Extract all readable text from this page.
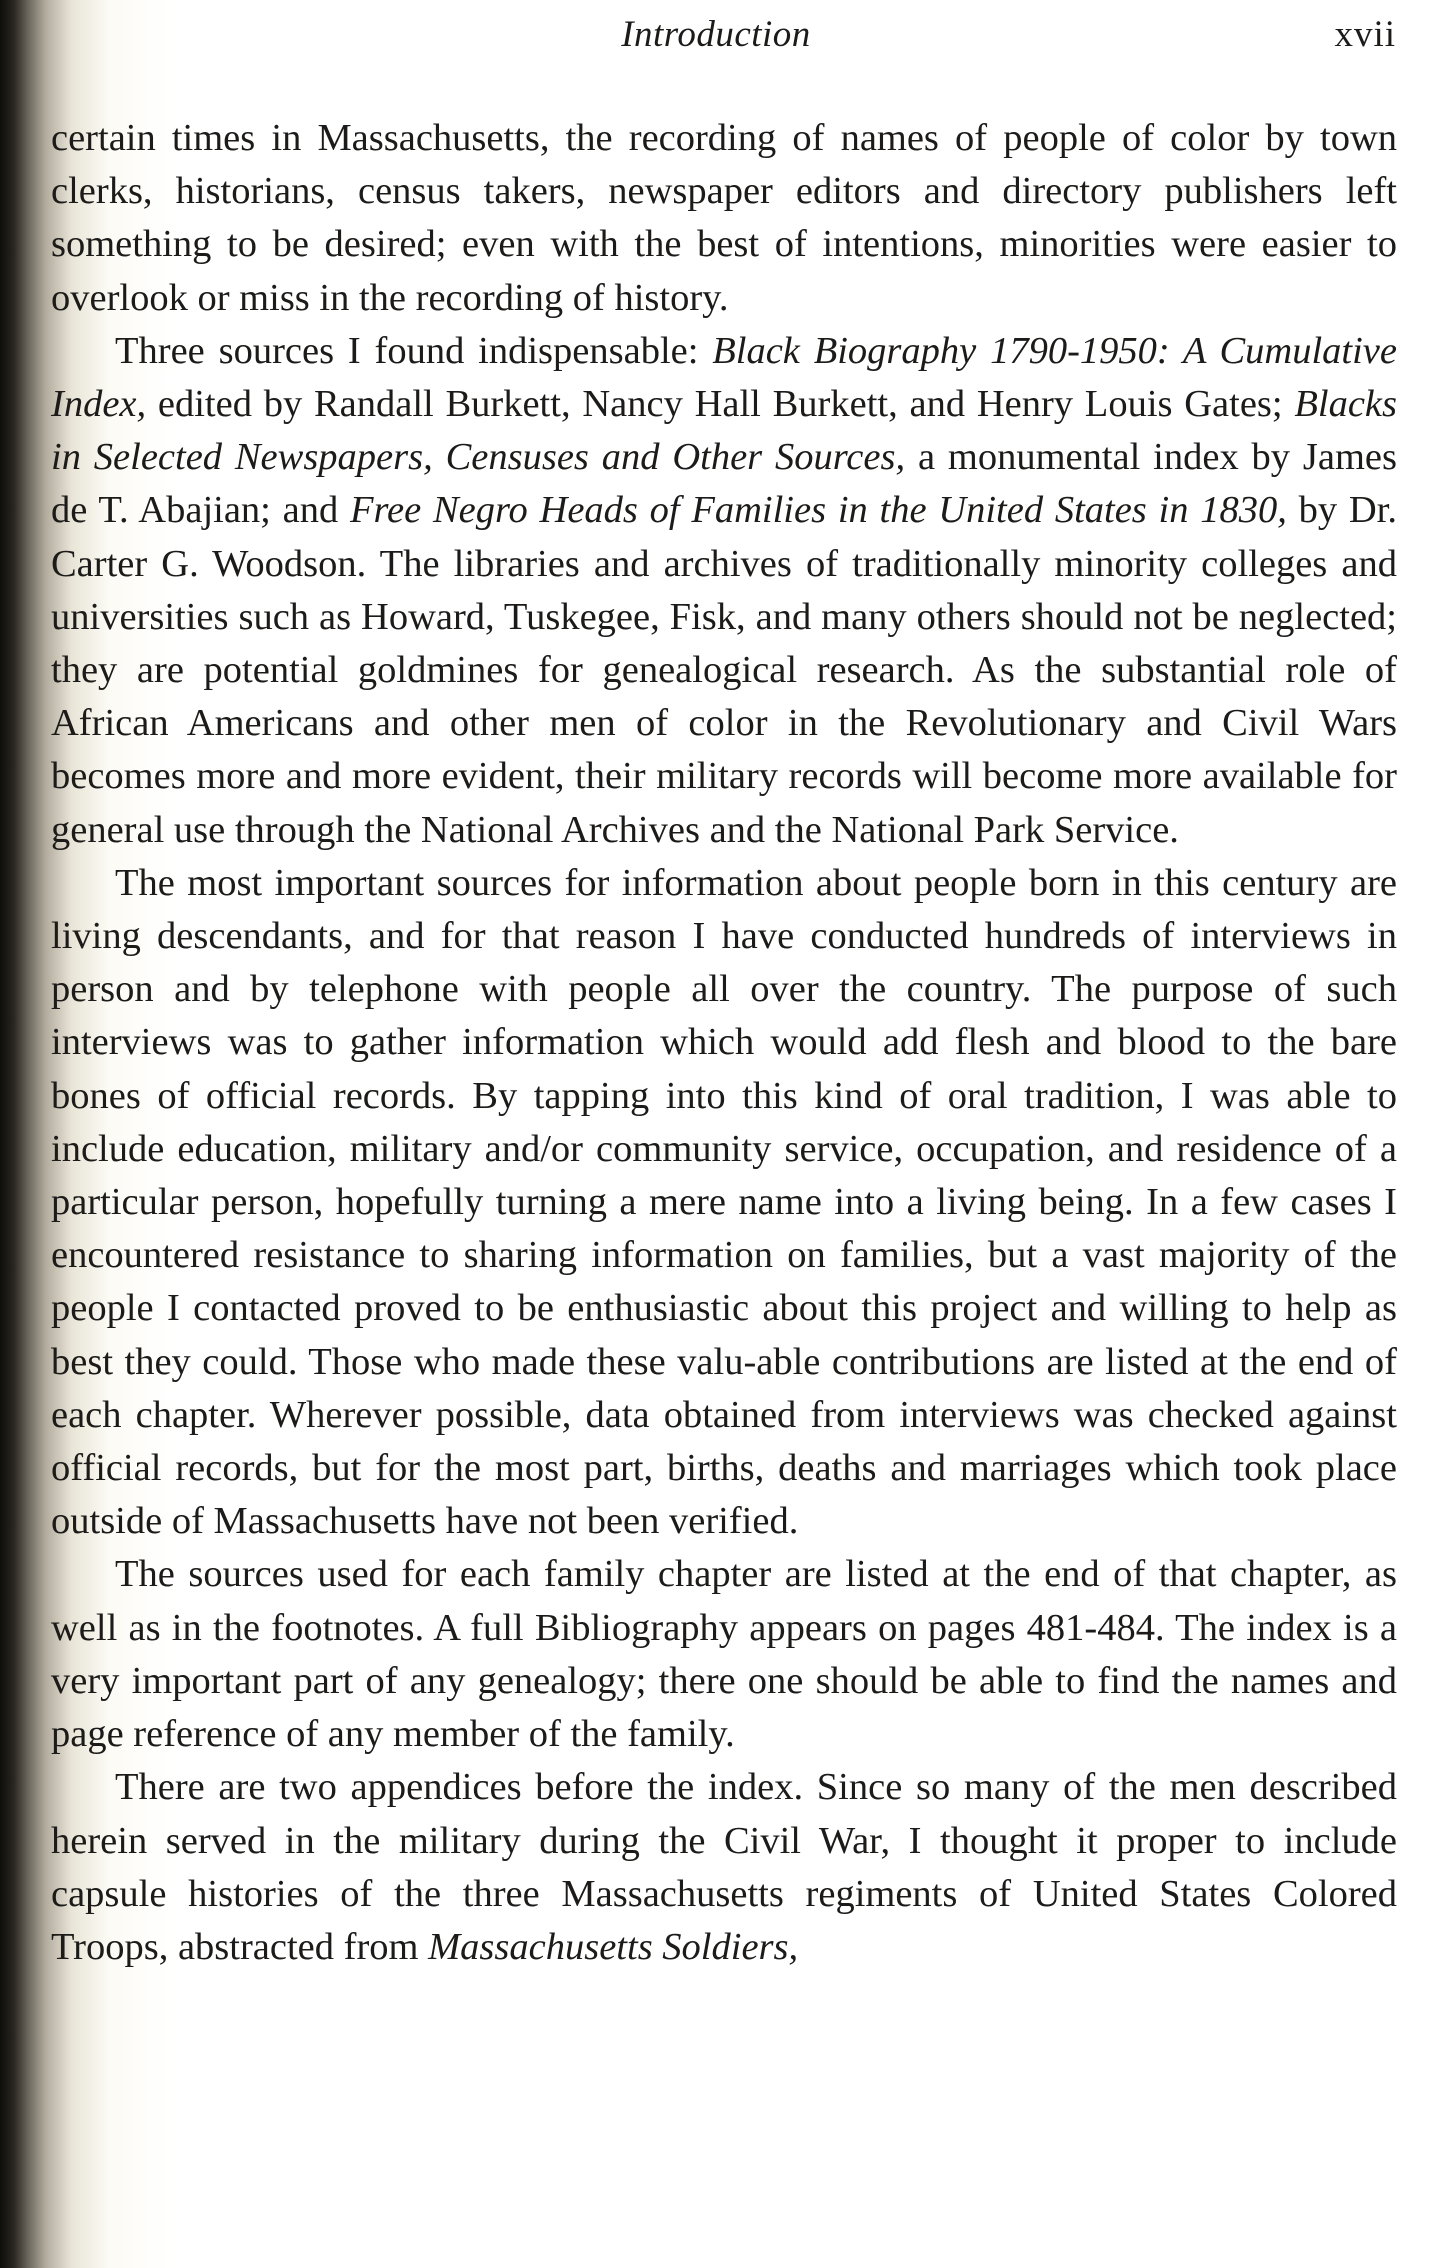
Introduction	xvii

certain times in Massachusetts, the recording of names of people of color by town clerks, historians, census takers, newspaper editors and directory publishers left something to be desired; even with the best of intentions, minorities were easier to overlook or miss in the recording of history.

Three sources I found indispensable: Black Biography 1790-1950: A Cumulative Index, edited by Randall Burkett, Nancy Hall Burkett, and Henry Louis Gates; Blacks in Selected Newspapers, Censuses and Other Sources, a monumental index by James de T. Abajian; and Free Negro Heads of Families in the United States in 1830, by Dr. Carter G. Woodson. The libraries and archives of traditionally minority colleges and universities such as Howard, Tuskegee, Fisk, and many others should not be neglected; they are potential goldmines for genealogical research. As the substantial role of African Americans and other men of color in the Revolutionary and Civil Wars becomes more and more evident, their military records will become more available for general use through the National Archives and the National Park Service.

The most important sources for information about people born in this century are living descendants, and for that reason I have conducted hundreds of interviews in person and by telephone with people all over the country. The purpose of such interviews was to gather information which would add flesh and blood to the bare bones of official records. By tapping into this kind of oral tradition, I was able to include education, military and/or community service, occupation, and residence of a particular person, hopefully turning a mere name into a living being. In a few cases I encountered resistance to sharing information on families, but a vast majority of the people I contacted proved to be enthusiastic about this project and willing to help as best they could. Those who made these valu-able contributions are listed at the end of each chapter. Wherever possible, data obtained from interviews was checked against official records, but for the most part, births, deaths and marriages which took place outside of Massachusetts have not been verified.

The sources used for each family chapter are listed at the end of that chapter, as well as in the footnotes. A full Bibliography appears on pages 481-484. The index is a very important part of any genealogy; there one should be able to find the names and page reference of any member of the family.

There are two appendices before the index. Since so many of the men described herein served in the military during the Civil War, I thought it proper to include capsule histories of the three Massachusetts regiments of United States Colored Troops, abstracted from Massachusetts Soldiers,
